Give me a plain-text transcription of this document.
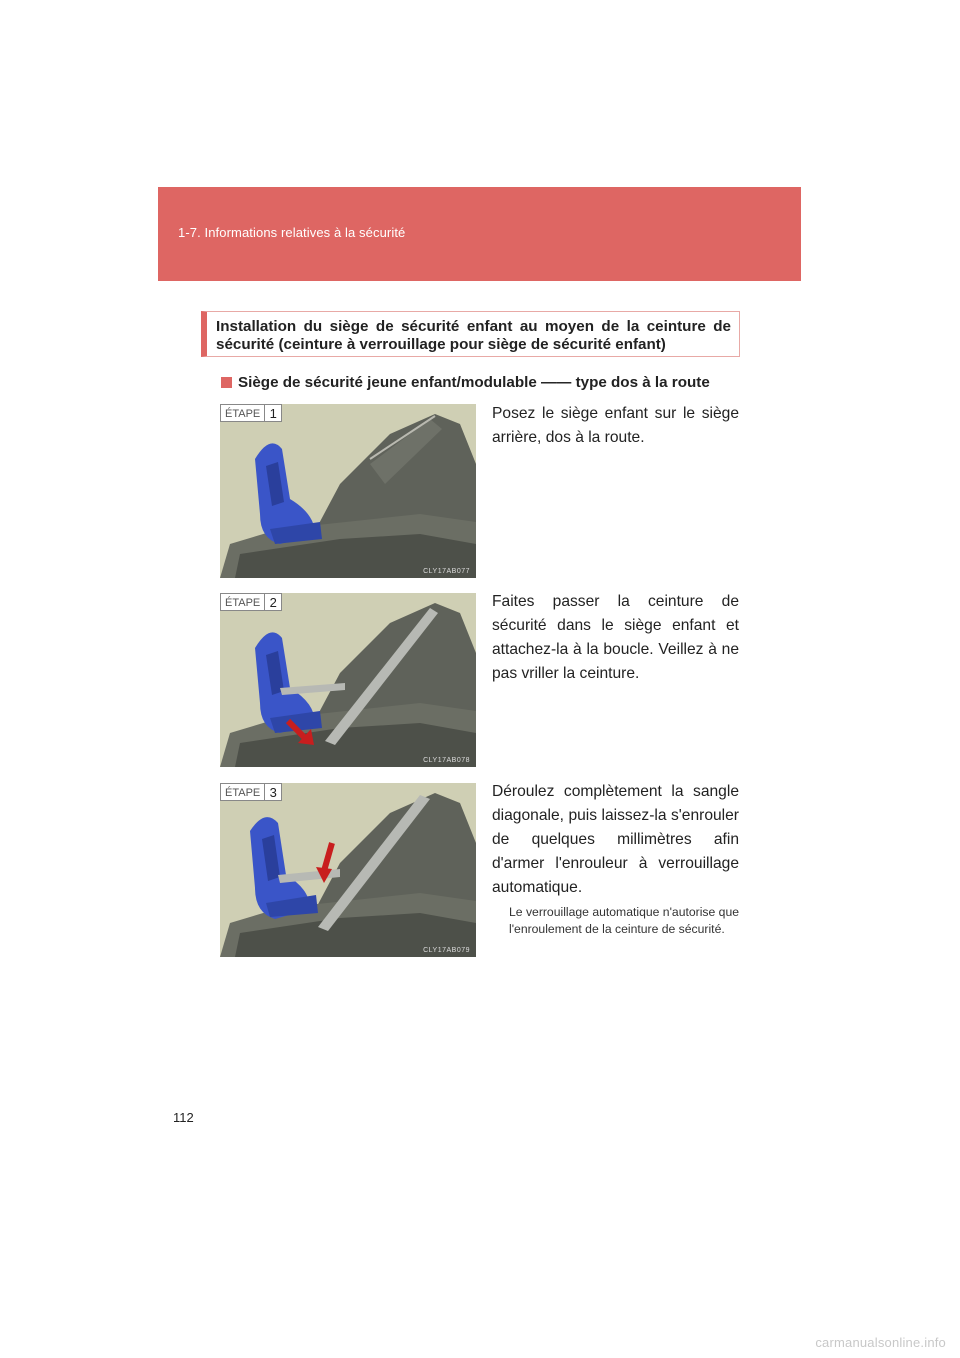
1-7. Informations relatives à la sécurité
Installation du siège de sécurité enfant au moyen de la ceinture de sécurité (ceinture à verrouillage pour siège de sécurité enfant)
Siège de sécurité jeune enfant/modulable —— type dos à la route
ÉTAPE 1
CLY17AB077
Posez le siège enfant sur le siège arrière, dos à la route.
ÉTAPE 2
CLY17AB078
Faites passer la ceinture de sécurité dans le siège enfant et attachez-la à la boucle. Veillez à ne pas vriller la ceinture.
ÉTAPE 3
CLY17AB079
Déroulez complètement la sangle diagonale, puis laissez-la s'enrouler de quelques millimètres afin d'armer l'enrouleur à verrouillage automatique.
Le verrouillage automatique n'autorise que l'enroulement de la ceinture de sécurité.
112
carmanualsonline.info
